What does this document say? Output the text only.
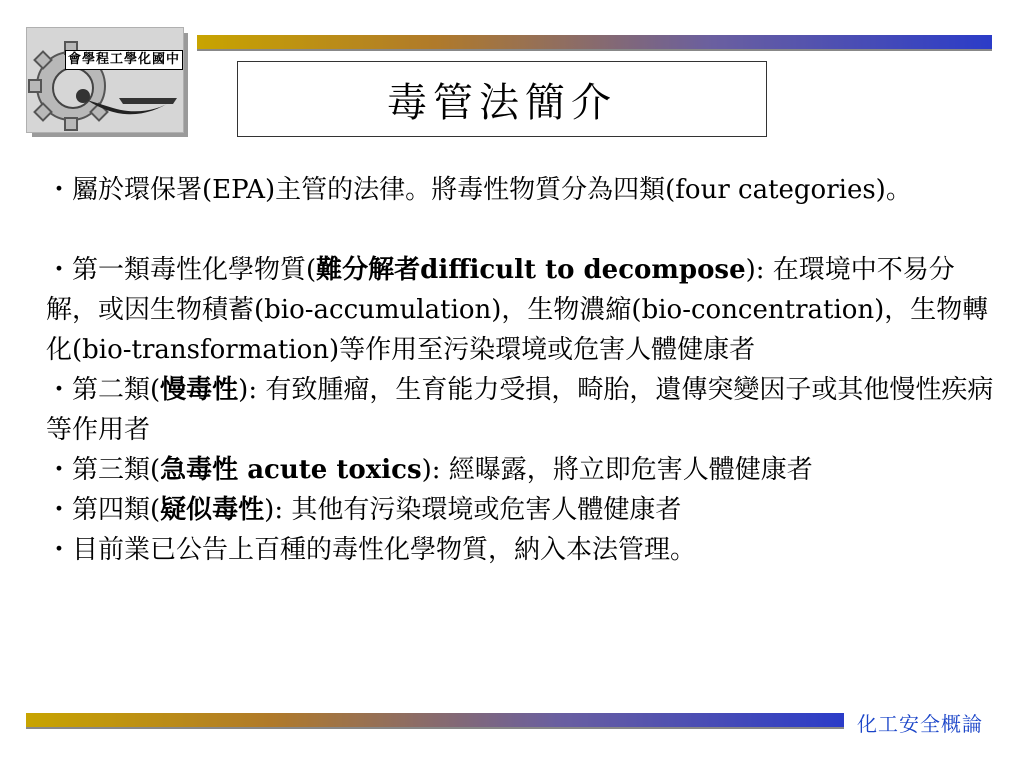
會學程工學化國中
毒管法簡介

・屬於環保署(EPA)主管的法律。將毒性物質分為四類(four categories)。

・第一類毒性化學物質(難分解者difficult to decompose): 在環境中不易分解，或因生物積蓄(bio-accumulation)，生物濃縮(bio-concentration)，生物轉化(bio-transformation)等作用至污染環境或危害人體健康者

・第二類(慢毒性): 有致腫瘤，生育能力受損，畸胎，遺傳突變因子或其他慢性疾病等作用者

・第三類(急毒性 acute toxics): 經曝露，將立即危害人體健康者

・第四類(疑似毒性): 其他有污染環境或危害人體健康者

・目前業已公告上百種的毒性化學物質，納入本法管理。

化工安全概論
